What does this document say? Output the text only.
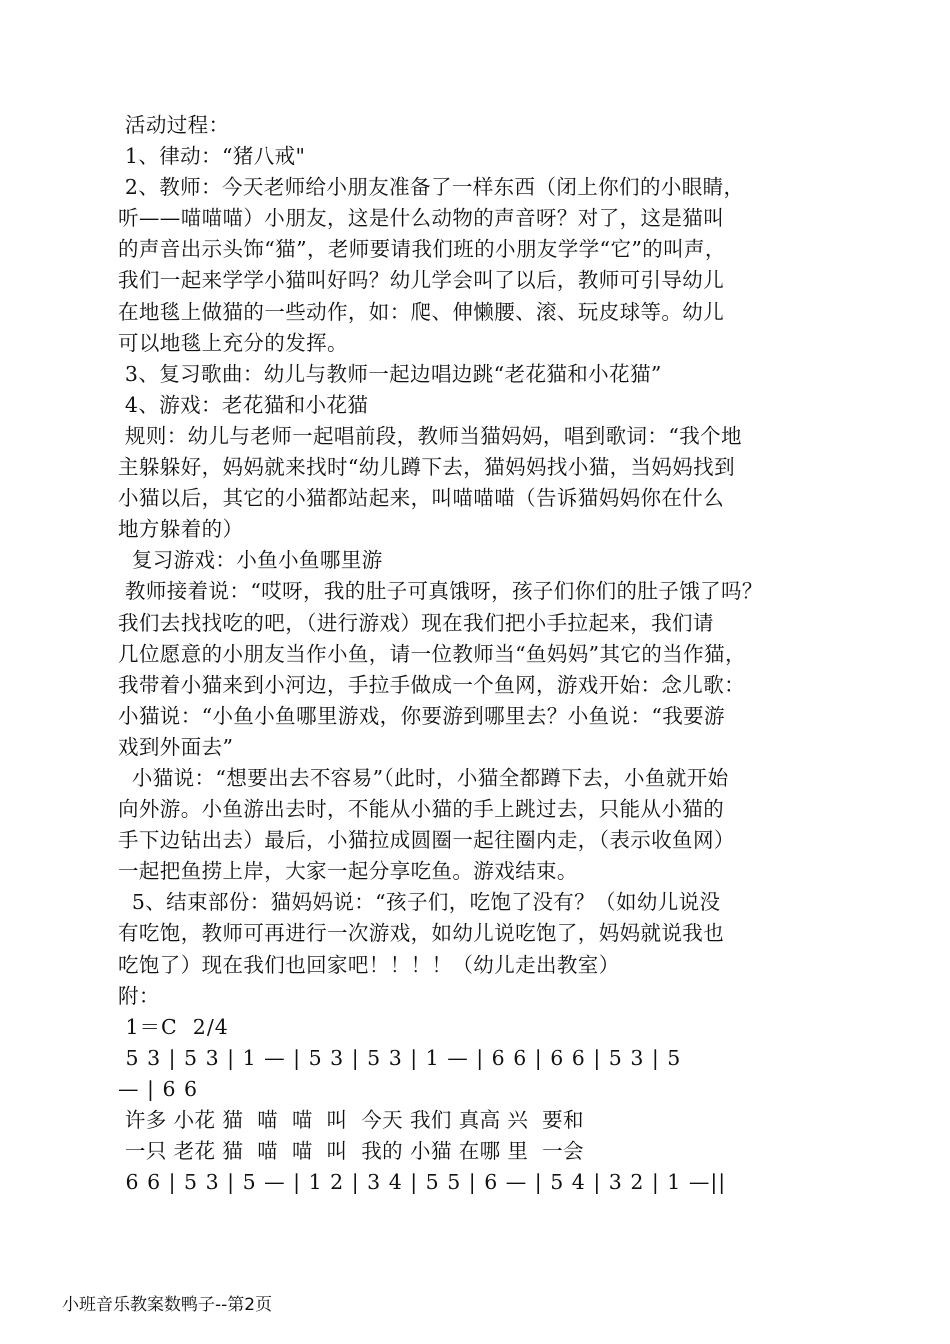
活动过程：
1、律动：“猪八戒"
2、教师：今天老师给小朋友准备了一样东西（闭上你们的小眼睛，
听——喵喵喵）小朋友，这是什么动物的声音呀？对了，这是猫叫
的声音出示头饰“猫”，老师要请我们班的小朋友学学“它”的叫声，
我们一起来学学小猫叫好吗？幼儿学会叫了以后，教师可引导幼儿
在地毯上做猫的一些动作，如：爬、伸懒腰、滚、玩皮球等。幼儿
可以地毯上充分的发挥。
3、复习歌曲：幼儿与教师一起边唱边跳“老花猫和小花猫”
4、游戏：老花猫和小花猫
规则：幼儿与老师一起唱前段，教师当猫妈妈，唱到歌词：“我个地
主躲躲好，妈妈就来找时“幼儿蹲下去，猫妈妈找小猫，当妈妈找到
小猫以后，其它的小猫都站起来，叫喵喵喵（告诉猫妈妈你在什么
地方躲着的）
复习游戏：小鱼小鱼哪里游
教师接着说：“哎呀，我的肚子可真饿呀，孩子们你们的肚子饿了吗？
我们去找找吃的吧，（进行游戏）现在我们把小手拉起来，我们请
几位愿意的小朋友当作小鱼，请一位教师当“鱼妈妈”其它的当作猫，
我带着小猫来到小河边，手拉手做成一个鱼网，游戏开始：念儿歌：
小猫说：“小鱼小鱼哪里游戏，你要游到哪里去？小鱼说：“我要游
戏到外面去”
小猫说：“想要出去不容易”（此时，小猫全都蹲下去，小鱼就开始
向外游。小鱼游出去时，不能从小猫的手上跳过去，只能从小猫的
手下边钻出去）最后，小猫拉成圆圈一起往圈内走，（表示收鱼网）
一起把鱼捞上岸，大家一起分享吃鱼。游戏结束。
5、结束部份：猫妈妈说：“孩子们，吃饱了没有？（如幼儿说没
有吃饱，教师可再进行一次游戏，如幼儿说吃饱了，妈妈就说我也
吃饱了）现在我们也回家吧！！！！（幼儿走出教室）
附：
1＝C  2/4
5 3 | 5 3 | 1 — | 5 3 | 5 3 | 1 — | 6 6 | 6 6 | 5 3 | 5
— | 6 6
许多 小花 猫  喵  喵  叫  今天 我们 真高 兴  要和
一只 老花 猫  喵  喵  叫  我的 小猫 在哪 里  一会
6 6 | 5 3 | 5 — | 1 2 | 3 4 | 5 5 | 6 — | 5 4 | 3 2 | 1 —||
小班音乐教案数鸭子--第2页
